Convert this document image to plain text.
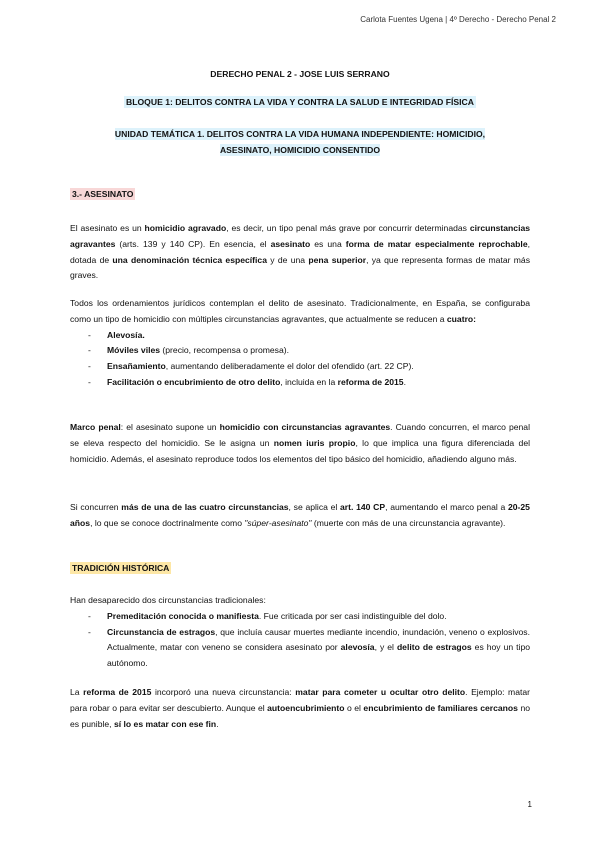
Carlota Fuentes Ugena | 4º Derecho - Derecho Penal 2
DERECHO PENAL 2 - JOSE LUIS SERRANO
BLOQUE 1: DELITOS CONTRA LA VIDA Y CONTRA LA SALUD E INTEGRIDAD FÍSICA
UNIDAD TEMÁTICA 1. DELITOS CONTRA LA VIDA HUMANA INDEPENDIENTE: HOMICIDIO, ASESINATO, HOMICIDIO CONSENTIDO
3.- ASESINATO
El asesinato es un homicidio agravado, es decir, un tipo penal más grave por concurrir determinadas circunstancias agravantes (arts. 139 y 140 CP). En esencia, el asesinato es una forma de matar especialmente reprochable, dotada de una denominación técnica específica y de una pena superior, ya que representa formas de matar más graves.
Todos los ordenamientos jurídicos contemplan el delito de asesinato. Tradicionalmente, en España, se configuraba como un tipo de homicidio con múltiples circunstancias agravantes, que actualmente se reducen a cuatro:
- Alevosía.
- Móviles viles (precio, recompensa o promesa).
- Ensañamiento, aumentando deliberadamente el dolor del ofendido (art. 22 CP).
- Facilitación o encubrimiento de otro delito, incluida en la reforma de 2015.
Marco penal: el asesinato supone un homicidio con circunstancias agravantes. Cuando concurren, el marco penal se eleva respecto del homicidio. Se le asigna un nomen iuris propio, lo que implica una figura diferenciada del homicidio. Además, el asesinato reproduce todos los elementos del tipo básico del homicidio, añadiendo alguno más.
Si concurren más de una de las cuatro circunstancias, se aplica el art. 140 CP, aumentando el marco penal a 20-25 años, lo que se conoce doctrinalmente como "súper-asesinato" (muerte con más de una circunstancia agravante).
TRADICIÓN HISTÓRICA
Han desaparecido dos circunstancias tradicionales:
- Premeditación conocida o manifiesta. Fue criticada por ser casi indistinguible del dolo.
- Circunstancia de estragos, que incluía causar muertes mediante incendio, inundación, veneno o explosivos. Actualmente, matar con veneno se considera asesinato por alevosía, y el delito de estragos es hoy un tipo autónomo.
La reforma de 2015 incorporó una nueva circunstancia: matar para cometer u ocultar otro delito. Ejemplo: matar para robar o para evitar ser descubierto. Aunque el autoencubrimiento o el encubrimiento de familiares cercanos no es punible, sí lo es matar con ese fin.
1
